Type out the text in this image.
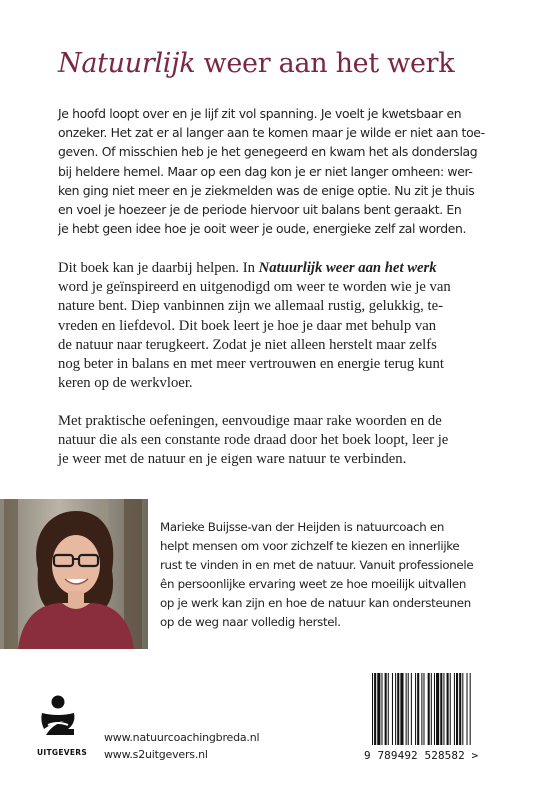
Natuurlijk weer aan het werk
Je hoofd loopt over en je lijf zit vol spanning. Je voelt je kwetsbaar en
onzeker. Het zat er al langer aan te komen maar je wilde er niet aan toe-
geven. Of misschien heb je het genegeerd en kwam het als donderslag
bij heldere hemel. Maar op een dag kon je er niet langer omheen: wer-
ken ging niet meer en je ziekmelden was de enige optie. Nu zit je thuis
en voel je hoezeer je de periode hiervoor uit balans bent geraakt. En
je hebt geen idee hoe je ooit weer je oude, energieke zelf zal worden.
Dit boek kan je daarbij helpen. In Natuurlijk weer aan het werk
word je geïnspireerd en uitgenodigd om weer te worden wie je van
nature bent. Diep vanbinnen zijn we allemaal rustig, gelukkig, te-
vreden en liefdevol. Dit boek leert je hoe je daar met behulp van
de natuur naar terugkeert. Zodat je niet alleen herstelt maar zelfs
nog beter in balans en met meer vertrouwen en energie terug kunt
keren op de werkvloer.
Met praktische oefeningen, eenvoudige maar rake woorden en de
natuur die als een constante rode draad door het boek loopt, leer je
je weer met de natuur en je eigen ware natuur te verbinden.
Marieke Buijsse-van der Heijden is natuurcoach en
helpt mensen om voor zichzelf te kiezen en innerlijke
rust te vinden in en met de natuur. Vanuit professionele
ên persoonlijke ervaring weet ze hoe moeilijk uitvallen
op je werk kan zijn en hoe de natuur kan ondersteunen
op de weg naar volledig herstel.
UITGEVERS
www.natuurcoachingbreda.nl
www.s2uitgevers.nl	9 789492 528582 >
